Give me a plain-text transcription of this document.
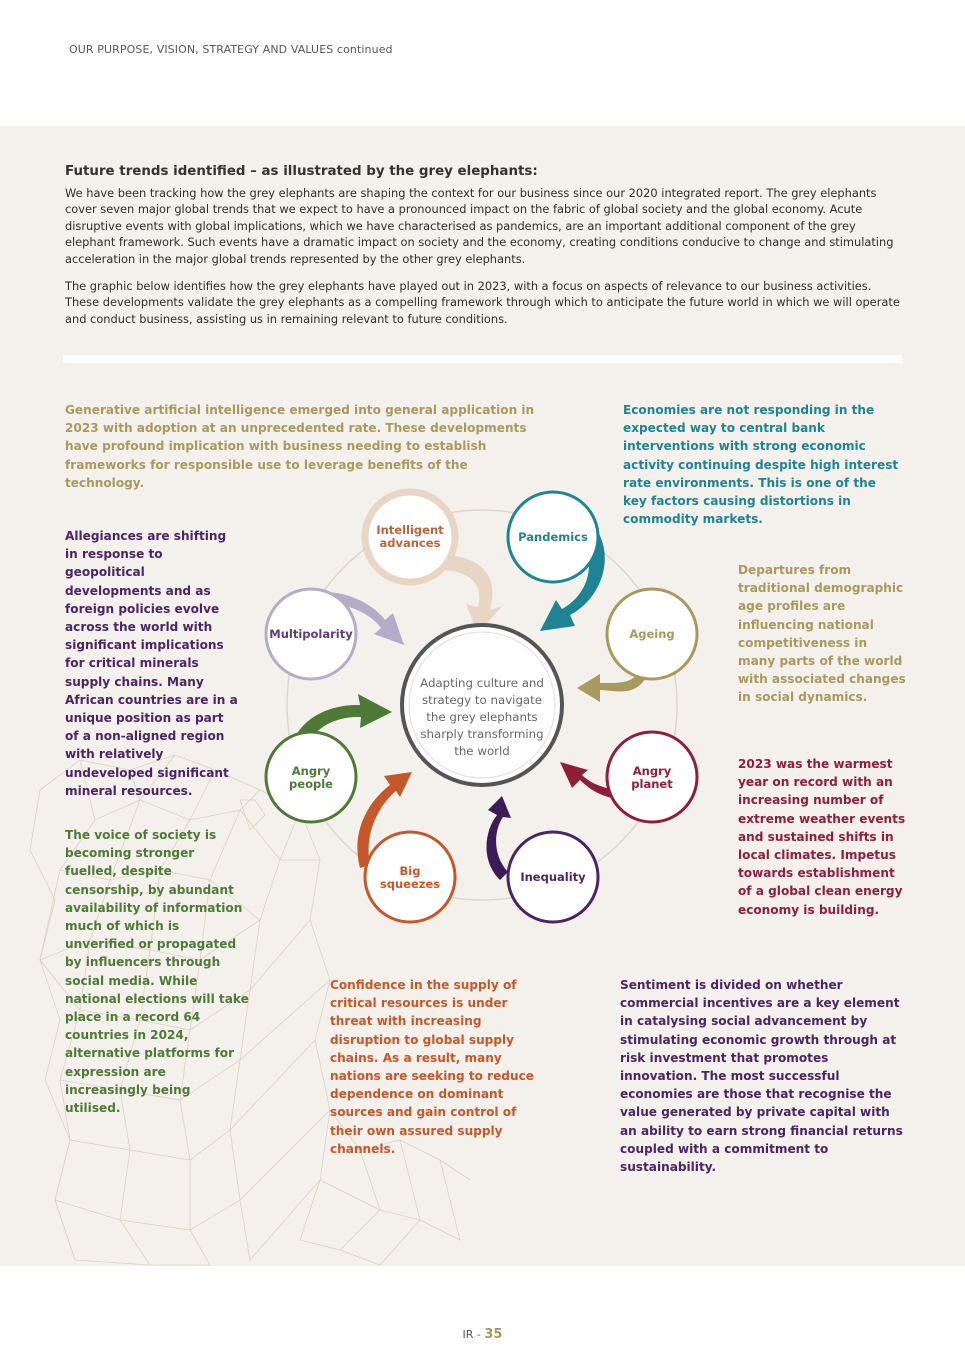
OUR PURPOSE, VISION, STRATEGY AND VALUES continued
Future trends identified – as illustrated by the grey elephants:

We have been tracking how the grey elephants are shaping the context for our business since our 2020 integrated report. The grey elephants cover seven major global trends that we expect to have a pronounced impact on the fabric of global society and the global economy. Acute disruptive events with global implications, which we have characterised as pandemics, are an important additional component of the grey elephant framework. Such events have a dramatic impact on society and the economy, creating conditions conducive to change and stimulating acceleration in the major global trends represented by the other grey elephants.

The graphic below identifies how the grey elephants have played out in 2023, with a focus on aspects of relevance to our business activities. These developments validate the grey elephants as a compelling framework through which to anticipate the future world in which we will operate and conduct business, assisting us in remaining relevant to future conditions.

Generative artificial intelligence emerged into general application in 2023 with adoption at an unprecedented rate. These developments have profound implication with business needing to establish frameworks for responsible use to leverage benefits of the technology.
Economies are not responding in the expected way to central bank interventions with strong economic activity continuing despite high interest rate environments. This is one of the key factors causing distortions in commodity markets.
Allegiances are shifting in response to geopolitical developments and as foreign policies evolve across the world with significant implications for critical minerals supply chains. Many African countries are in a unique position as part of a non-aligned region with relatively undeveloped significant mineral resources.
Departures from traditional demographic age profiles are influencing national competitiveness in many parts of the world with associated changes in social dynamics.
2023 was the warmest year on record with an increasing number of extreme weather events and sustained shifts in local climates. Impetus towards establishment of a global clean energy economy is building.
The voice of society is becoming stronger fuelled, despite censorship, by abundant availability of information much of which is unverified or propagated by influencers through social media. While national elections will take place in a record 64 countries in 2024, alternative platforms for expression are increasingly being utilised.
Confidence in the supply of critical resources is under threat with increasing disruption to global supply chains. As a result, many nations are seeking to reduce dependence on dominant sources and gain control of their own assured supply channels.
Sentiment is divided on whether commercial incentives are a key element in catalysing social advancement by stimulating economic growth through at risk investment that promotes innovation. The most successful economies are those that recognise the value generated by private capital with an ability to earn strong financial returns coupled with a commitment to sustainability.
Intelligent
advances	Pandemics
Ageing
Angry
planet
Inequality
Big
squeezes
Angry
people
Multipolarity
Adapting culture and
strategy to navigate
the grey elephants
sharply transforming
the world
IR - 35
